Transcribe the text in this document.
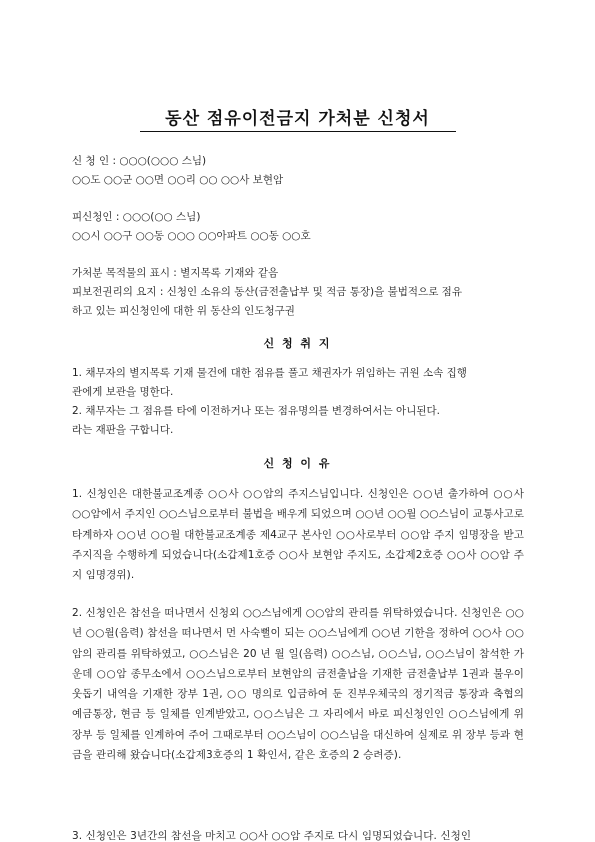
동산 점유이전금지 가처분 신청서
신 청 인 : ○○○(○○○ 스님)
○○도 ○○군 ○○면 ○○리 ○○ ○○사 보현암
피신청인 : ○○○(○○ 스님)
○○시 ○○구 ○○동 ○○○ ○○아파트 ○○동 ○○호
가처분 목적물의 표시 : 별지목록 기재와 같음
피보전권리의 요지 : 신청인 소유의 동산(금전출납부 및 적금 통장)을 불법적으로 점유
하고 있는 피신청인에 대한 위 동산의 인도청구권
신 청 취 지
1. 채무자의 별지목록 기재 물건에 대한 점유를 풀고 채권자가 위임하는 귀원 소속 집행
관에게 보관을 명한다.
2. 채무자는 그 점유를 타에 이전하거나 또는 점유명의를 변경하여서는 아니된다.
라는 재판을 구합니다.
신 청 이 유
1. 신청인은 대한불교조계종 ○○사 ○○암의 주지스님입니다. 신청인은 ○○년 출가하여 ○○사 ○○암에서 주지인 ○○스님으로부터 불법을 배우게 되었으며 ○○년 ○○월 ○○스님이 교통사고로 타계하자 ○○년 ○○월 대한불교조계종 제4교구 본사인 ○○사로부터 ○○암 주지 임명장을 받고 주지직을 수행하게 되었습니다(소갑제1호증 ○○사 보현암 주지도, 소갑제2호증 ○○사 ○○암 주지 임명경위).
2. 신청인은 참선을 떠나면서 신청외 ○○스님에게 ○○암의 관리를 위탁하였습니다. 신청인은 ○○년 ○○월(음력) 참선을 떠나면서 먼 사숙뻘이 되는 ○○스님에게 ○○년 기한을 정하여 ○○사 ○○암의 관리를 위탁하였고, ○○스님은 20 년 월 일(음력) ○○스님, ○○스님, ○○스님이 참석한 가운데 ○○암 종무소에서 ○○스님으로부터 보현암의 금전출납을 기재한 금전출납부 1권과 불우이웃돕기 내역을 기재한 장부 1권, ○○ 명의로 입금하여 둔 진부우체국의 정기적금 통장과 축협의 예금통장, 현금 등 일체를 인계받았고, ○○스님은 그 자리에서 바로 피신청인인 ○○스님에게 위 장부 등 일체를 인계하여 주어 그때로부터 ○○스님이 ○○스님을 대신하여 실제로 위 장부 등과 현금을 관리해 왔습니다(소갑제3호증의 1 확인서, 같은 호증의 2 승려증).
3. 신청인은 3년간의 참선을 마치고 ○○사 ○○암 주지로 다시 임명되었습니다. 신청인
